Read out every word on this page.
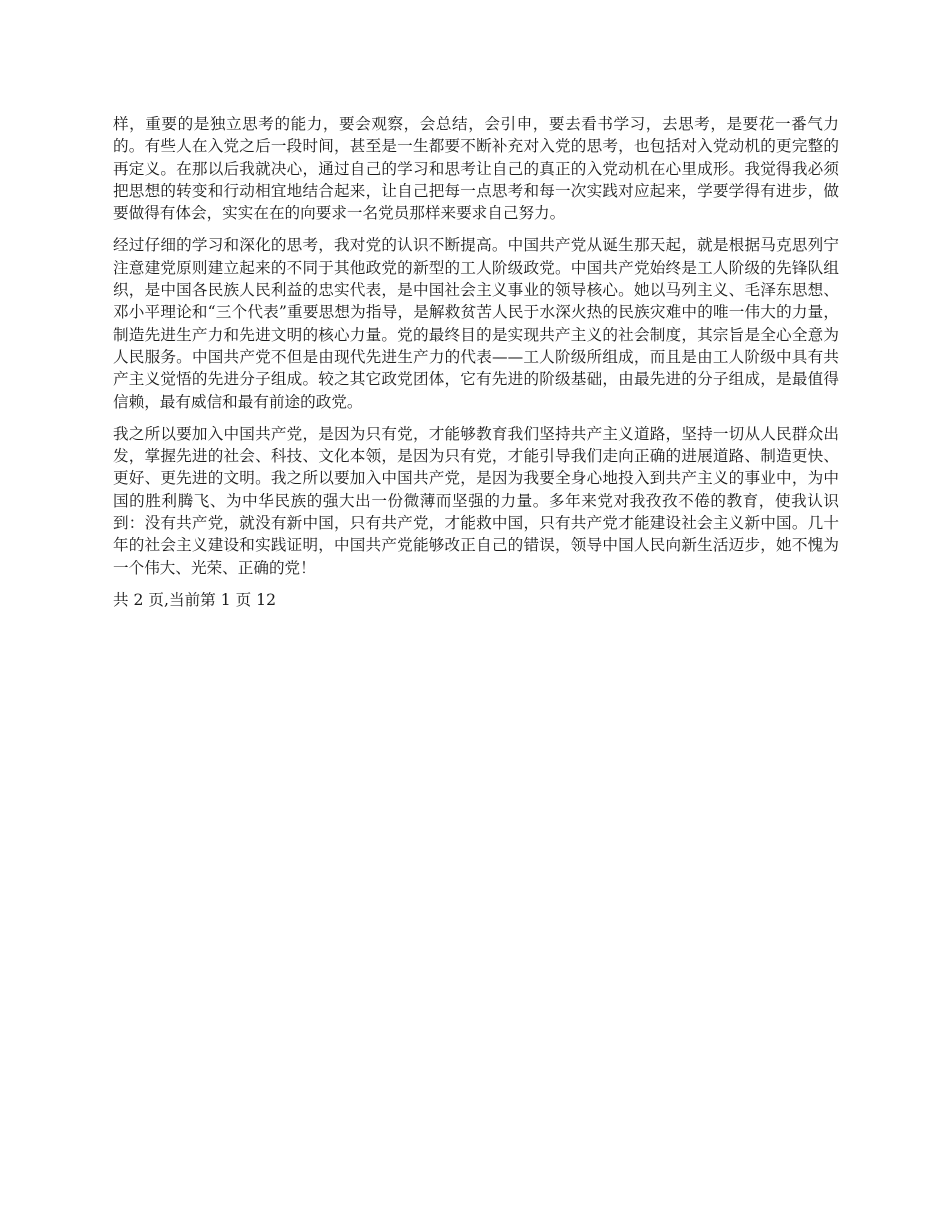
样，重要的是独立思考的能力，要会观察，会总结，会引申，要去看书学习，去思考，是要花一番气力的。有些人在入党之后一段时间，甚至是一生都要不断补充对入党的思考，也包括对入党动机的更完整的再定义。在那以后我就决心，通过自己的学习和思考让自己的真正的入党动机在心里成形。我觉得我必须把思想的转变和行动相宜地结合起来，让自己把每一点思考和每一次实践对应起来，学要学得有进步，做要做得有体会，实实在在的向要求一名党员那样来要求自己努力。

经过仔细的学习和深化的思考，我对党的认识不断提高。中国共产党从诞生那天起，就是根据马克思列宁注意建党原则建立起来的不同于其他政党的新型的工人阶级政党。中国共产党始终是工人阶级的先锋队组织，是中国各民族人民利益的忠实代表，是中国社会主义事业的领导核心。她以马列主义、毛泽东思想、邓小平理论和“三个代表”重要思想为指导，是解救贫苦人民于水深火热的民族灾难中的唯一伟大的力量，制造先进生产力和先进文明的核心力量。党的最终目的是实现共产主义的社会制度，其宗旨是全心全意为人民服务。中国共产党不但是由现代先进生产力的代表——工人阶级所组成，而且是由工人阶级中具有共产主义觉悟的先进分子组成。较之其它政党团体，它有先进的阶级基础，由最先进的分子组成，是最值得信赖，最有威信和最有前途的政党。

我之所以要加入中国共产党，是因为只有党，才能够教育我们坚持共产主义道路，坚持一切从人民群众出发，掌握先进的社会、科技、文化本领，是因为只有党，才能引导我们走向正确的进展道路、制造更快、更好、更先进的文明。我之所以要加入中国共产党，是因为我要全身心地投入到共产主义的事业中，为中国的胜利腾飞、为中华民族的强大出一份微薄而坚强的力量。多年来党对我孜孜不倦的教育，使我认识到：没有共产党，就没有新中国，只有共产党，才能救中国，只有共产党才能建设社会主义新中国。几十年的社会主义建设和实践证明，中国共产党能够改正自己的错误，领导中国人民向新生活迈步，她不愧为一个伟大、光荣、正确的党！

共 2 页,当前第 1 页 12
